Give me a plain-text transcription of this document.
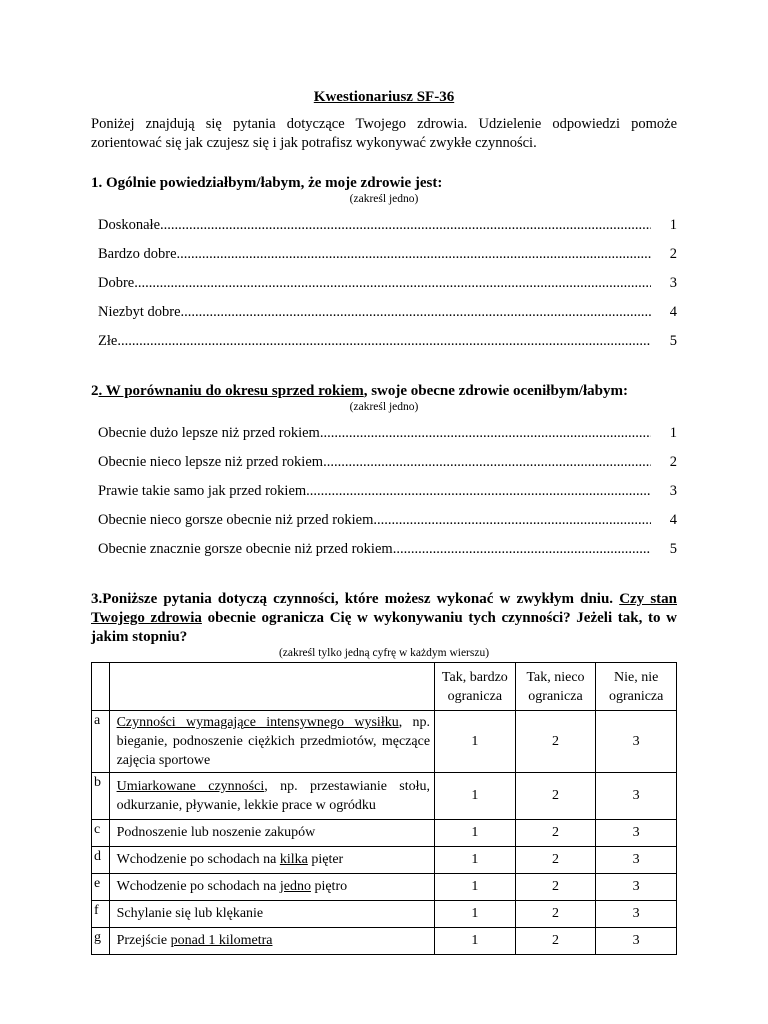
Kwestionariusz SF-36

Poniżej znajdują się pytania dotyczące Twojego zdrowia. Udzielenie odpowiedzi pomoże zorientować się jak czujesz się i jak potrafisz wykonywać zwykłe czynności.

1. Ogólnie powiedziałbym/łabym, że moje zdrowie jest:

(zakreśl jedno)

Doskonałe .....	1
Bardzo dobre .....	2
Dobre .....	3
Niezbyt dobre .....	4
Złe .....	5

2. W porównaniu do okresu sprzed rokiem, swoje obecne zdrowie oceniłbym/łabym:

(zakreśl jedno)

Obecnie dużo lepsze niż przed rokiem .....	1
Obecnie nieco lepsze niż przed rokiem .....	2
Prawie takie samo jak przed rokiem .....	3
Obecnie nieco gorsze obecnie niż przed rokiem .....	4
Obecnie znacznie gorsze obecnie niż przed rokiem .....	5

3.Poniższe pytania dotyczą czynności, które możesz wykonać w zwykłym dniu. Czy stan Twojego zdrowia obecnie ogranicza Cię w wykonywaniu tych czynności? Jeżeli tak, to w jakim stopniu?

(zakreśl tylko jedną cyfrę w każdym wierszu)

		Tak, bardzo ogranicza	Tak, nieco ogranicza	Nie, nie ogranicza
a	Czynności wymagające intensywnego wysiłku, np. bieganie, podnoszenie ciężkich przedmiotów, męczące zajęcia sportowe	1	2	3
b	Umiarkowane czynności, np. przestawianie stołu, odkurzanie, pływanie, lekkie prace w ogródku	1	2	3
c	Podnoszenie lub noszenie zakupów	1	2	3
d	Wchodzenie po schodach na kilka pięter	1	2	3
e	Wchodzenie po schodach na jedno piętro	1	2	3
f	Schylanie się lub klękanie	1	2	3
g	Przejście ponad 1 kilometra	1	2	3
